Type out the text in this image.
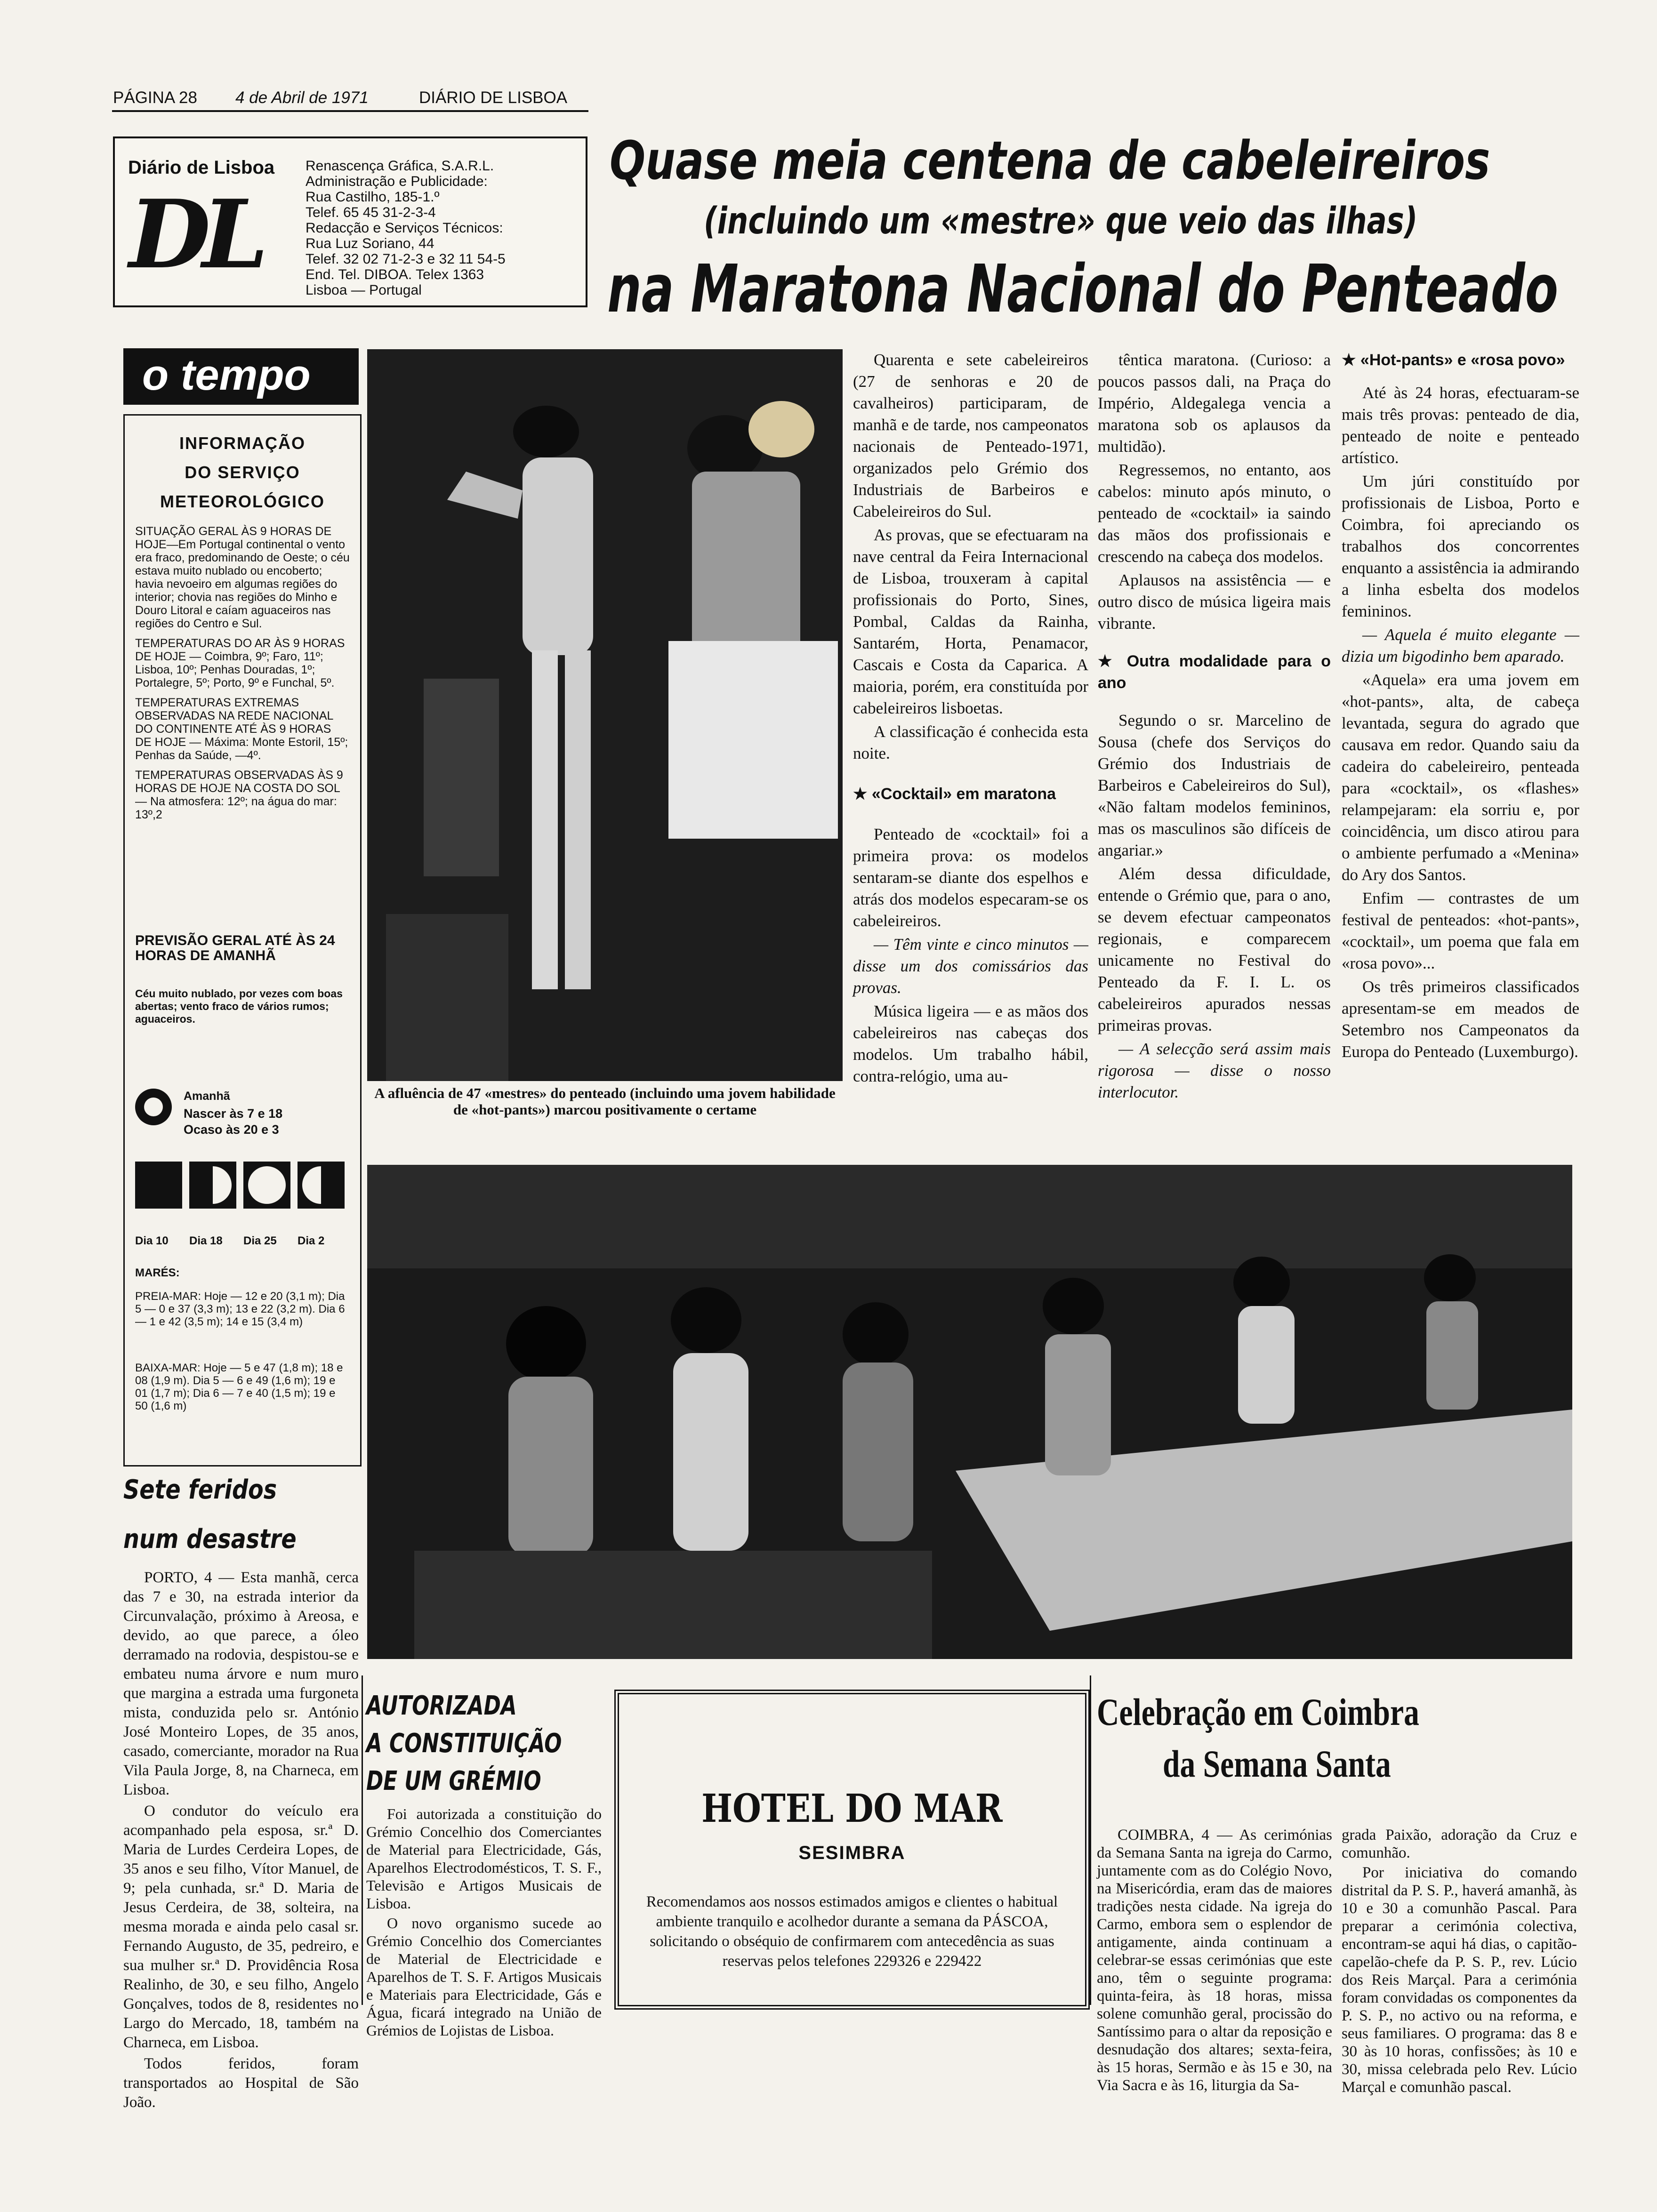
PÁGINA 28 4 de Abril de 1971	DIÁRIO DE LISBOA
Diário de Lisboa
DL
Renascença Gráfica, S.A.R.L.
Administração e Publicidade:
Rua Castilho, 185-1.º
Telef. 65 45 31-2-3-4
Redacção e Serviços Técnicos:
Rua Luz Soriano, 44
Telef. 32 02 71-2-3 e 32 11 54-5
End. Tel. DIBOA. Telex 1363
Lisboa — Portugal
Quase meia centena de cabeleireiros
(incluindo um «mestre» que veio das ilhas)
na Maratona Nacional do Penteado
o tempo
INFORMAÇÃO
DO SERVIÇO
METEOROLÓGICO

SITUAÇÃO GERAL ÀS 9 HORAS DE HOJE—Em Portugal continental o vento era fraco, predominando de Oeste; o céu estava muito nublado ou encoberto; havia nevoeiro em algumas regiões do interior; chovia nas regiões do Minho e Douro Litoral e caíam aguaceiros nas regiões do Centro e Sul.

TEMPERATURAS DO AR ÀS 9 HORAS DE HOJE — Coimbra, 9º; Faro, 11º; Lisboa, 10º; Penhas Douradas, 1º; Portalegre, 5º; Porto, 9º e Funchal, 5º.

TEMPERATURAS EXTREMAS OBSERVADAS NA REDE NACIONAL DO CONTINENTE ATÉ ÀS 9 HORAS DE HOJE — Máxima: Monte Estoril, 15º; Penhas da Saúde, —4º.

TEMPERATURAS OBSERVADAS ÀS 9 HORAS DE HOJE NA COSTA DO SOL — Na atmosfera: 12º; na água do mar: 13º,2

PREVISÃO GERAL ATÉ ÀS 24 HORAS DE AMANHÃ
Céu muito nublado, por vezes com boas abertas; vento fraco de vários rumos; aguaceiros.
Amanhã
Nascer às 7 e 18
Ocaso às 20 e 3
Dia 10 Dia 18 Dia 25 Dia 2
MARÉS:
PREIA-MAR: Hoje — 12 e 20 (3,1 m); Dia 5 — 0 e 37 (3,3 m); 13 e 22 (3,2 m). Dia 6 — 1 e 42 (3,5 m); 14 e 15 (3,4 m)
BAIXA-MAR: Hoje — 5 e 47 (1,8 m); 18 e 08 (1,9 m). Dia 5 — 6 e 49 (1,6 m); 19 e 01 (1,7 m); Dia 6 — 7 e 40 (1,5 m); 19 e 50 (1,6 m)
Sete feridos
num desastre

PORTO, 4 — Esta manhã, cerca das 7 e 30, na estrada interior da Circunvalação, próximo à Areosa, e devido, ao que parece, a óleo derramado na rodovia, despistou-se e embateu numa árvore e num muro que margina a estrada uma furgoneta mista, conduzida pelo sr. António José Monteiro Lopes, de 35 anos, casado, comerciante, morador na Rua Vila Paula Jorge, 8, na Charneca, em Lisboa.

O condutor do veículo era acompanhado pela esposa, sr.ª D. Maria de Lurdes Cerdeira Lopes, de 35 anos e seu filho, Vítor Manuel, de 9; pela cunhada, sr.ª D. Maria de Jesus Cerdeira, de 38, solteira, na mesma morada e ainda pelo casal sr. Fernando Augusto, de 35, pedreiro, e sua mulher sr.ª D. Providência Rosa Realinho, de 30, e seu filho, Angelo Gonçalves, todos de 8, residentes no Largo do Mercado, 18, também na Charneca, em Lisboa.

Todos feridos, foram transportados ao Hospital de São João.

A afluência de 47 «mestres» do penteado (incluindo uma jovem habilidade de «hot-pants») marcou positivamente o certame

Quarenta e sete cabeleireiros (27 de senhoras e 20 de cavalheiros) participaram, de manhã e de tarde, nos campeonatos nacionais de Penteado-1971, organizados pelo Grémio dos Industriais de Barbeiros e Cabeleireiros do Sul.

As provas, que se efectuaram na nave central da Feira Internacional de Lisboa, trouxeram à capital profissionais do Porto, Sines, Pombal, Caldas da Rainha, Santarém, Horta, Penamacor, Cascais e Costa da Caparica. A maioria, porém, era constituída por cabeleireiros lisboetas.

A classificação é conhecida esta noite.

★ «Cocktail» em maratona

Penteado de «cocktail» foi a primeira prova: os modelos sentaram-se diante dos espelhos e atrás dos modelos especaram-se os cabeleireiros.

— Têm vinte e cinco minutos — disse um dos comissários das provas.

Música ligeira — e as mãos dos cabeleireiros nas cabeças dos modelos. Um trabalho hábil, contra-relógio, uma au-

têntica maratona. (Curioso: a poucos passos dali, na Praça do Império, Aldegalega vencia a maratona sob os aplausos da multidão).

Regressemos, no entanto, aos cabelos: minuto após minuto, o penteado de «cocktail» ia saindo das mãos dos profissionais e crescendo na cabeça dos modelos.

Aplausos na assistência — e outro disco de música ligeira mais vibrante.

★ Outra modalidade para o ano

Segundo o sr. Marcelino de Sousa (chefe dos Serviços do Grémio dos Industriais de Barbeiros e Cabeleireiros do Sul), «Não faltam modelos femininos, mas os masculinos são difíceis de angariar.»

Além dessa dificuldade, entende o Grémio que, para o ano, se devem efectuar campeonatos regionais, e comparecem unicamente no Festival do Penteado da F. I. L. os cabeleireiros apurados nessas primeiras provas.

— A selecção será assim mais rigorosa — disse o nosso interlocutor.

★ «Hot-pants» e «rosa povo»

Até às 24 horas, efectuaram-se mais três provas: penteado de dia, penteado de noite e penteado artístico.

Um júri constituído por profissionais de Lisboa, Porto e Coimbra, foi apreciando os trabalhos dos concorrentes enquanto a assistência ia admirando a linha esbelta dos modelos femininos.

— Aquela é muito elegante — dizia um bigodinho bem aparado.

«Aquela» era uma jovem em «hot-pants», alta, de cabeça levantada, segura do agrado que causava em redor. Quando saiu da cadeira do cabeleireiro, penteada para «cocktail», os «flashes» relampejaram: ela sorriu e, por coincidência, um disco atirou para o ambiente perfumado a «Menina» do Ary dos Santos.

Enfim — contrastes de um festival de penteados: «hot-pants», «cocktail», um poema que fala em «rosa povo»...

Os três primeiros classificados apresentam-se em meados de Setembro nos Campeonatos da Europa do Penteado (Luxemburgo).

AUTORIZADA
A CONSTITUIÇÃO
DE UM GRÉMIO

Foi autorizada a constituição do Grémio Concelhio dos Comerciantes de Material para Electricidade, Gás, Aparelhos Electrodomésticos, T. S. F., Televisão e Artigos Musicais de Lisboa.

O novo organismo sucede ao Grémio Concelhio dos Comerciantes de Material de Electricidade e Aparelhos de T. S. F. Artigos Musicais e Materiais para Electricidade, Gás e Água, ficará integrado na União de Grémios de Lojistas de Lisboa.

HOTEL DO MAR
SESIMBRA
Recomendamos aos nossos estimados amigos e clientes o habitual ambiente tranquilo e acolhedor durante a semana da PÁSCOA, solicitando o obséquio de confirmarem com antecedência as suas reservas pelos telefones 229326 e 229422
Celebração em Coimbra
da Semana Santa

COIMBRA, 4 — As cerimónias da Semana Santa na igreja do Carmo, juntamente com as do Colégio Novo, na Misericórdia, eram das de maiores tradições nesta cidade. Na igreja do Carmo, embora sem o esplendor de antigamente, ainda continuam a celebrar-se essas cerimónias que este ano, têm o seguinte programa: quinta-feira, às 18 horas, missa solene comunhão geral, procissão do Santíssimo para o altar da reposição e desnudação dos altares; sexta-feira, às 15 horas, Sermão e às 15 e 30, na Via Sacra e às 16, liturgia da Sa-

grada Paixão, adoração da Cruz e comunhão.

Por iniciativa do comando distrital da P. S. P., haverá amanhã, às 10 e 30 a comunhão Pascal. Para preparar a cerimónia colectiva, encontram-se aqui há dias, o capitão-capelão-chefe da P. S. P., rev. Lúcio dos Reis Marçal. Para a cerimónia foram convidadas os componentes da P. S. P., no activo ou na reforma, e seus familiares. O programa: das 8 e 30 às 10 horas, confissões; às 10 e 30, missa celebrada pelo Rev. Lúcio Marçal e comunhão pascal.
